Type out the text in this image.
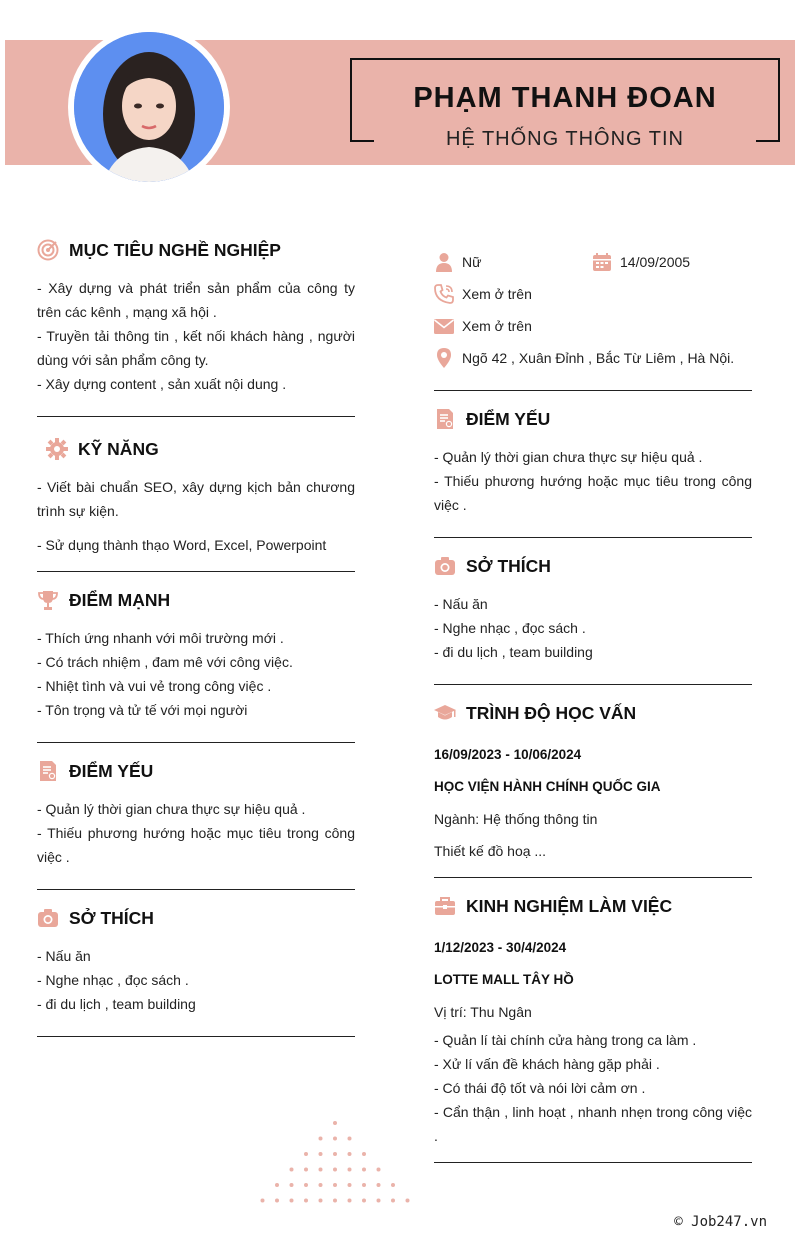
PHẠM THANH ĐOAN
HỆ THỐNG THÔNG TIN
MỤC TIÊU NGHỀ NGHIỆP

- Xây dựng và phát triển sản phẩm của công ty trên các kênh , mạng xã hội .

- Truyền tải thông tin , kết nối khách hàng , người dùng với sản phẩm công ty.

- Xây dựng content , sản xuất nội dung .

KỸ NĂNG

- Viết bài chuẩn SEO, xây dựng kịch bản chương trình sự kiện.

- Sử dụng thành thạo Word, Excel, Powerpoint

ĐIỂM MẠNH

- Thích ứng nhanh với môi trường mới .

- Có trách nhiệm , đam mê với công việc.

- Nhiệt tình và vui vẻ trong công việc .

- Tôn trọng và tử tế với mọi người

ĐIỂM YẾU

- Quản lý thời gian chưa thực sự hiệu quả .

- Thiếu phương hướng hoặc mục tiêu trong công việc .

SỞ THÍCH

- Nấu ăn

- Nghe nhạc , đọc sách .

- đi du lịch , team building

Nữ	14/09/2005
Xem ở trên
Xem ở trên
Ngõ 42 , Xuân Đỉnh , Bắc Từ Liêm , Hà Nội.
ĐIỂM YẾU

- Quản lý thời gian chưa thực sự hiệu quả .

- Thiếu phương hướng hoặc mục tiêu trong công việc .

SỞ THÍCH

- Nấu ăn

- Nghe nhạc , đọc sách .

- đi du lịch , team building

TRÌNH ĐỘ HỌC VẤN
16/09/2023 - 10/06/2024
HỌC VIỆN HÀNH CHÍNH QUỐC GIA
Ngành: Hệ thống thông tin
Thiết kế đồ hoạ ...
KINH NGHIỆM LÀM VIỆC
1/12/2023 - 30/4/2024
LOTTE MALL TÂY HỒ
Vị trí: Thu Ngân

- Quản lí tài chính cửa hàng trong ca làm .

- Xử lí vấn đề khách hàng gặp phải .

- Có thái độ tốt và nói lời cảm ơn .

- Cẩn thận , linh hoạt , nhanh nhẹn trong công việc .

© Job247.vn
